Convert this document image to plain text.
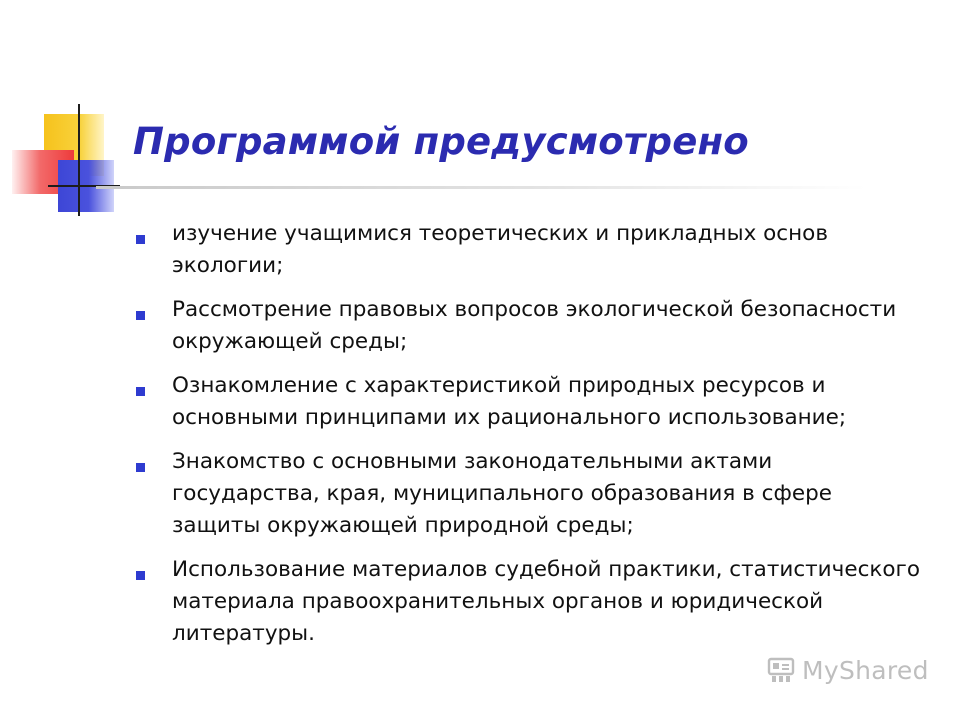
Программой предусмотрено
изучение учащимися теоретических и прикладных основ экологии;
Рассмотрение правовых вопросов экологической безопасности окружающей среды;
Ознакомление с характеристикой природных ресурсов и основными принципами их рационального использование;
Знакомство с основными законодательными актами государства, края, муниципального образования в сфере защиты окружающей природной среды;
Использование материалов судебной практики, статистического материала правоохранительных органов и юридической литературы.
MyShared
